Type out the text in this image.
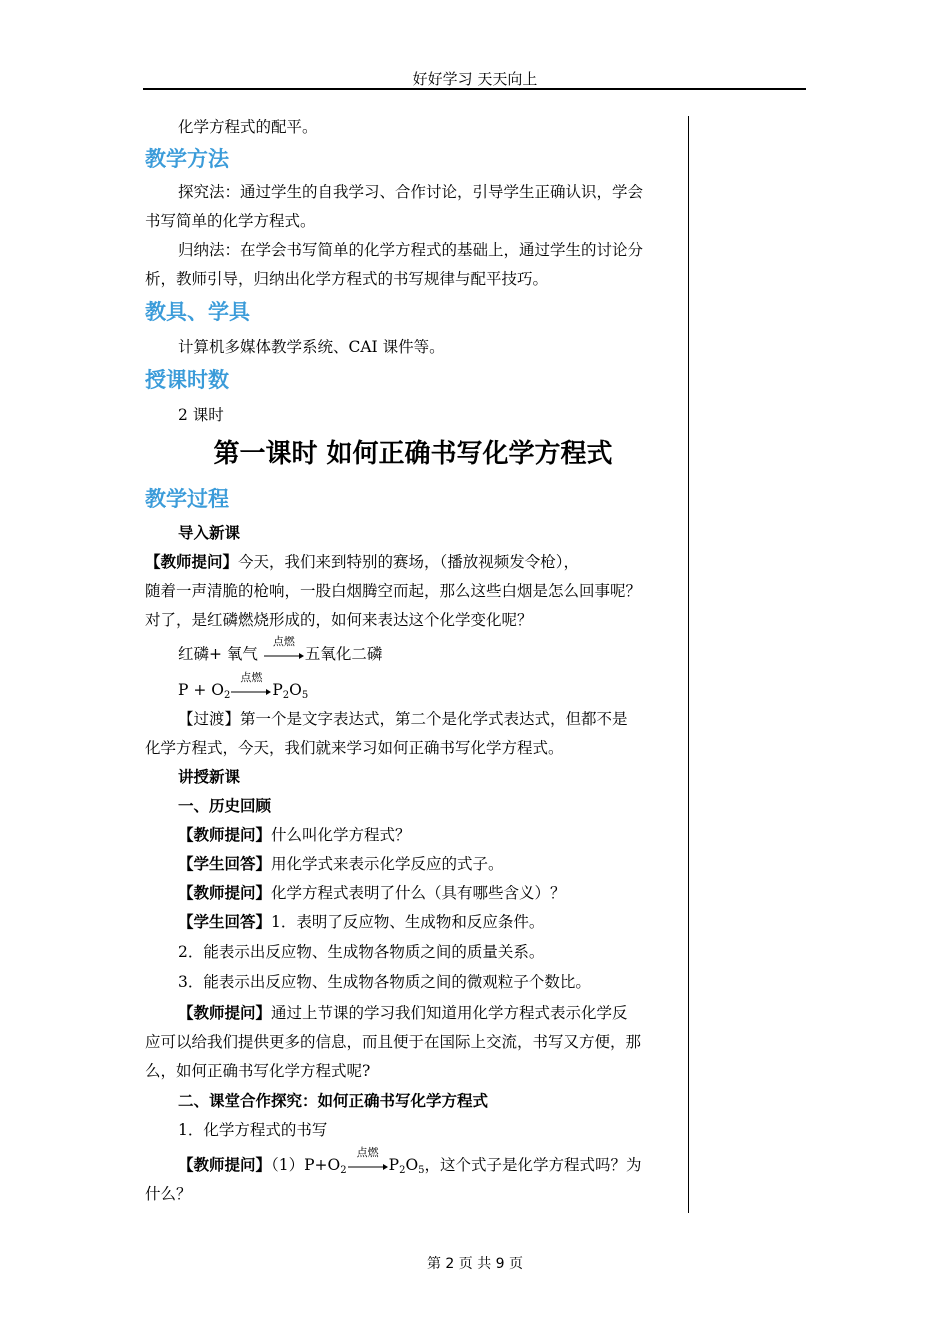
好好学习 天天向上
化学方程式的配平。
教学方法
探究法：通过学生的自我学习、合作讨论，引导学生正确认识，学会
书写简单的化学方程式。
归纳法：在学会书写简单的化学方程式的基础上，通过学生的讨论分
析，教师引导，归纳出化学方程式的书写规律与配平技巧。
教具、学具
计算机多媒体教学系统、CAI 课件等。
授课时数
2 课时
第一课时 如何正确书写化学方程式
教学过程
导入新课
【教师提问】今天，我们来到特别的赛场，（播放视频发令枪），
随着一声清脆的枪响，一股白烟腾空而起，那么这些白烟是怎么回事呢？
对了，是红磷燃烧形成的，如何来表达这个化学变化呢？
红磷+ 氧气
点燃
五氧化二磷
$P + O_2$
点燃
$P_2O_5$
【过渡】第一个是文字表达式，第二个是化学式表达式，但都不是
化学方程式，今天，我们就来学习如何正确书写化学方程式。
讲授新课
一、历史回顾
【教师提问】什么叫化学方程式？
【学生回答】用化学式来表示化学反应的式子。
【教师提问】化学方程式表明了什么（具有哪些含义）？
【学生回答】1．表明了反应物、生成物和反应条件。
2．能表示出反应物、生成物各物质之间的质量关系。
3．能表示出反应物、生成物各物质之间的微观粒子个数比。
【教师提问】通过上节课的学习我们知道用化学方程式表示化学反
应可以给我们提供更多的信息，而且便于在国际上交流，书写又方便，那
么，如何正确书写化学方程式呢?
二、课堂合作探究：如何正确书写化学方程式
1．化学方程式的书写
【教师提问】$(1)P+O_2$
点燃
$P_2O_5$，这个式子是化学方程式吗？为
什么？
第 2 页 共 9 页
